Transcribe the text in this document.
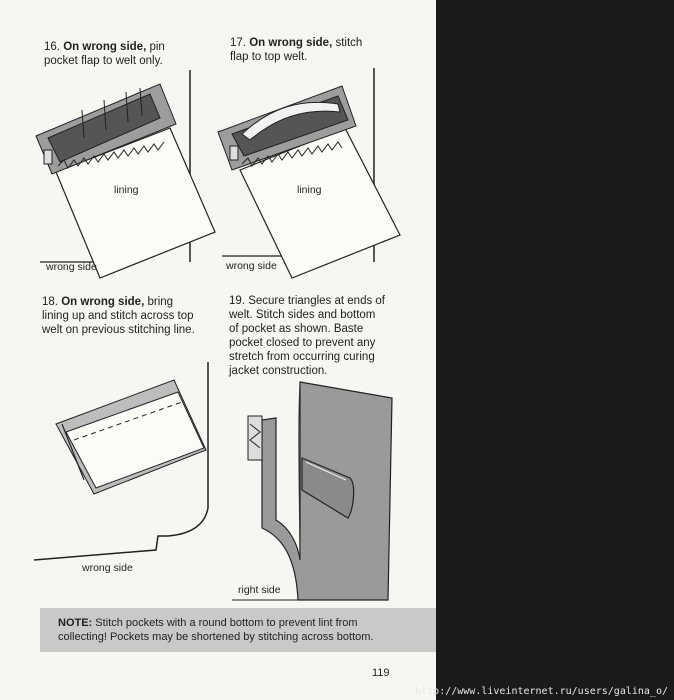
16. On wrong side, pin
pocket flap to welt only.
17. On wrong side, stitch
flap to top welt.
18. On wrong side, bring
lining up and stitch across top
welt on previous stitching line.
19. Secure triangles at ends of
welt. Stitch sides and bottom
of pocket as shown. Baste
pocket closed to prevent any
stretch from occurring curing
jacket construction.
lining	lining
wrong side	wrong side
wrong side
right side
NOTE: Stitch pockets with a round bottom to prevent lint from
collecting! Pockets may be shortened by stitching across bottom.
119
http://www.liveinternet.ru/users/galina_o/
